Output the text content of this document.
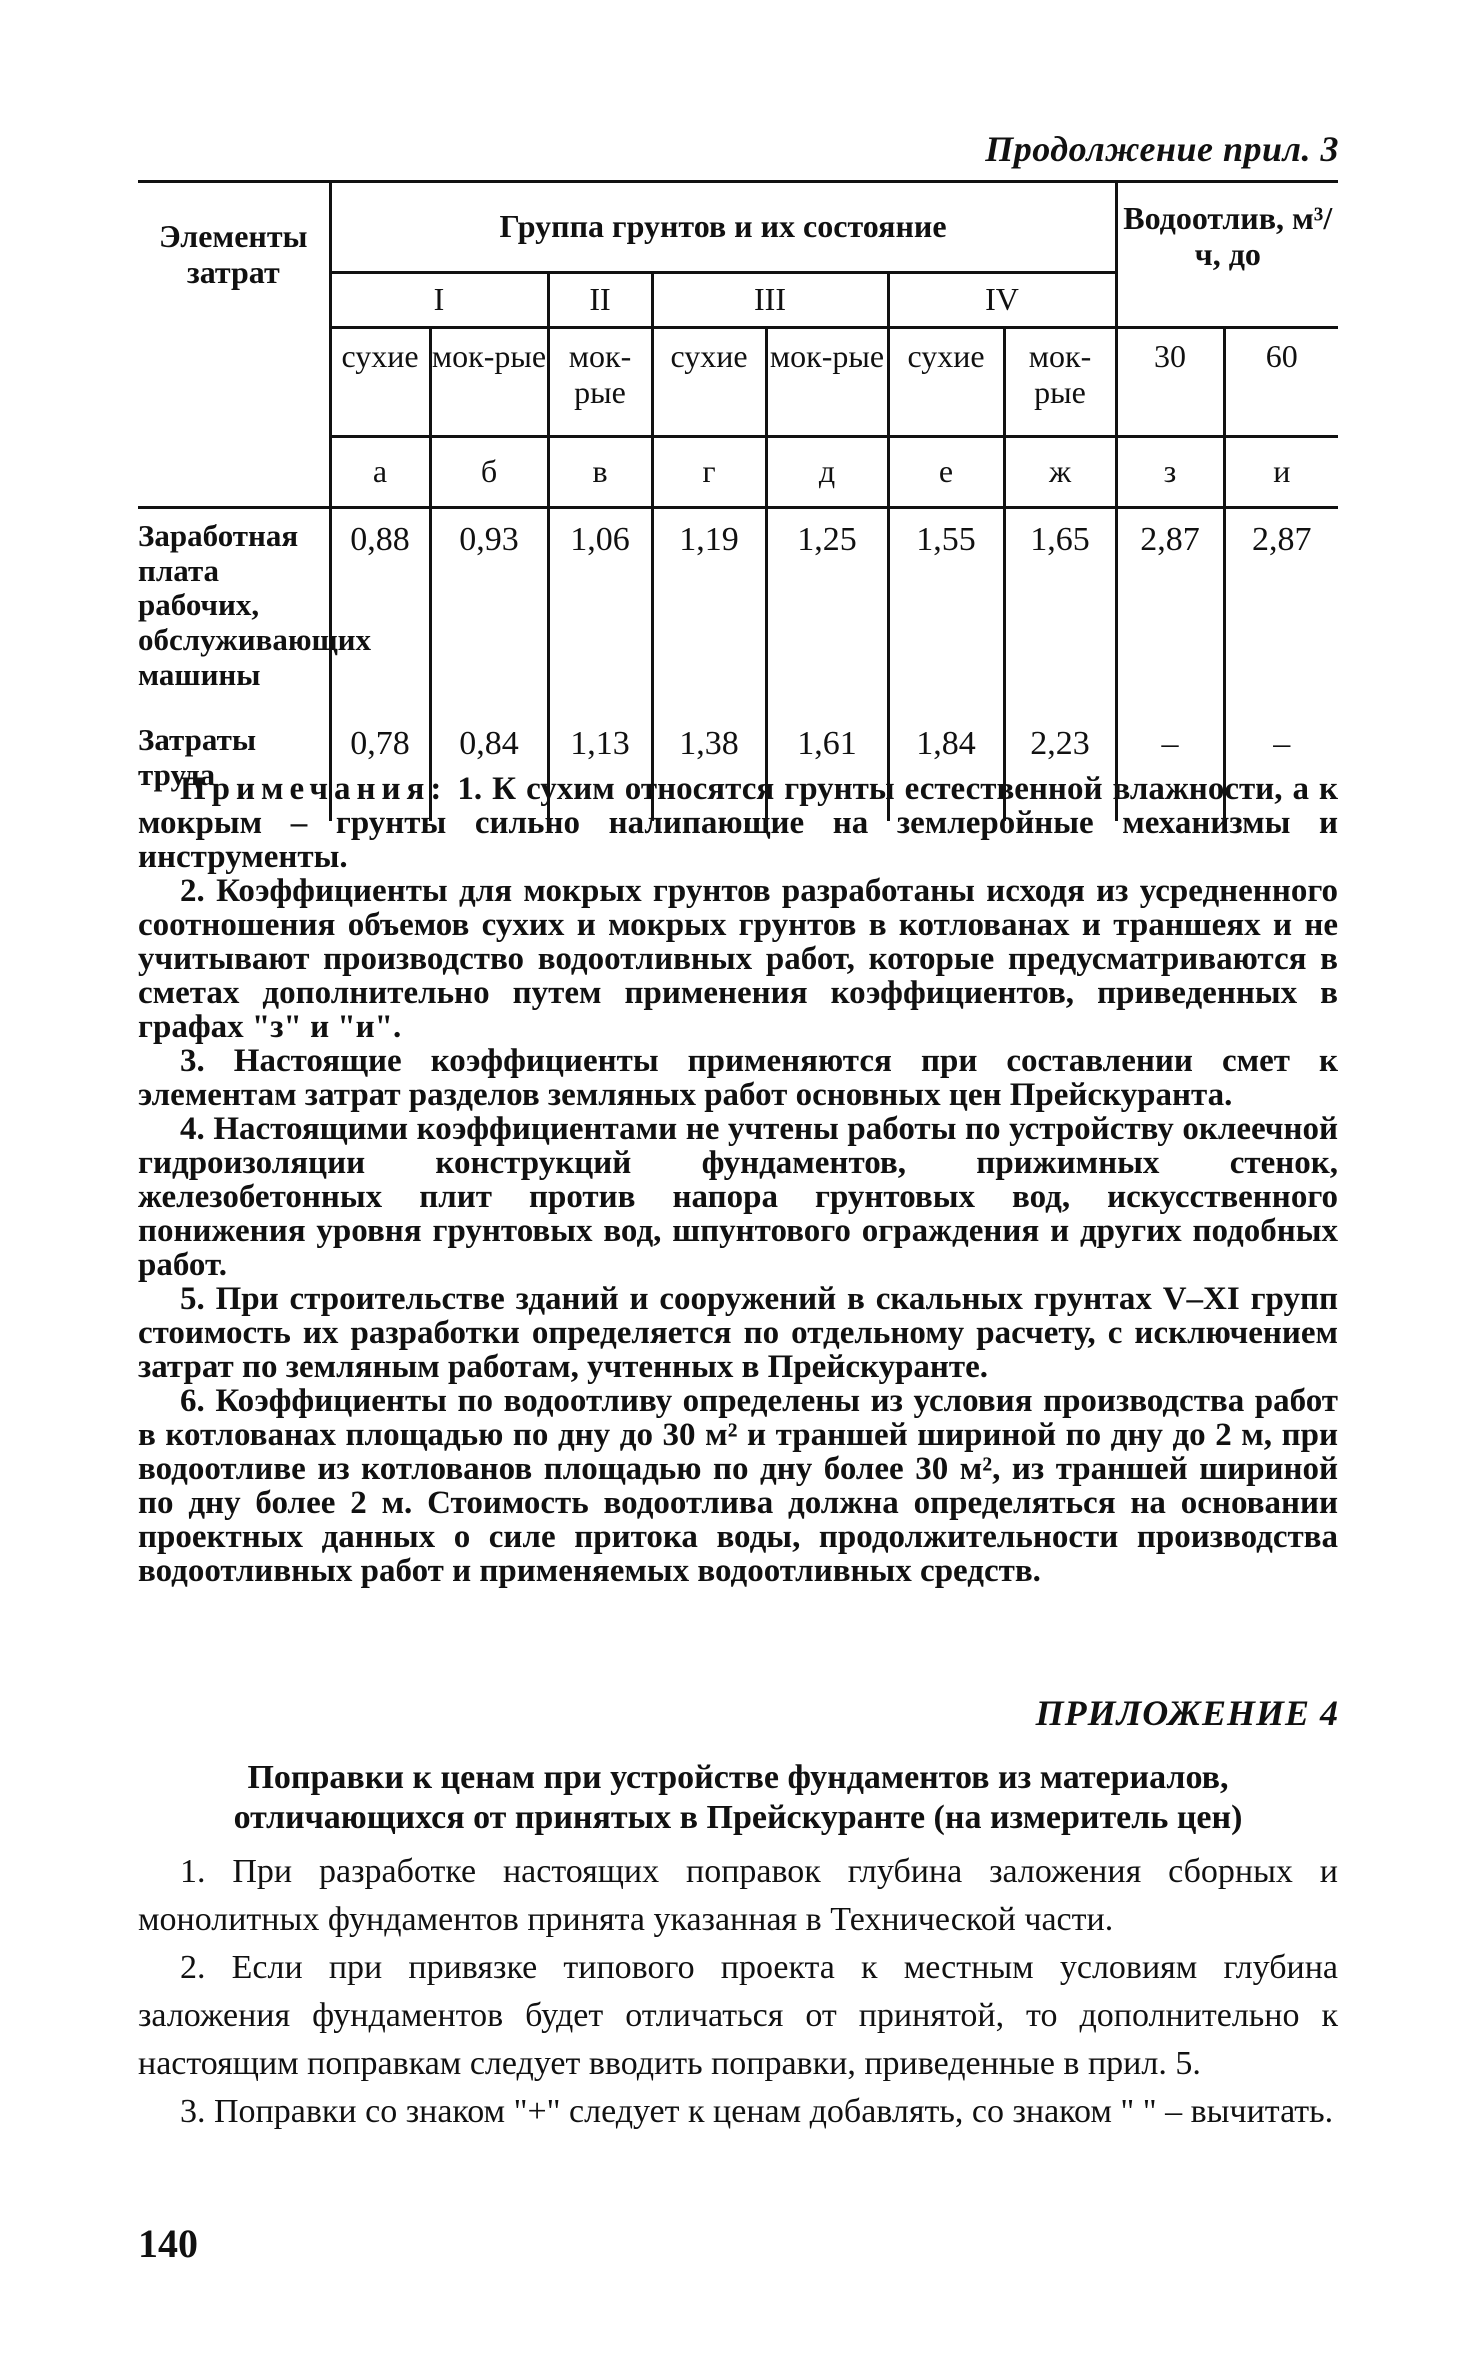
Продолжение прил. 3
Элементы затрат	Группа грунтов и их состояние							Водоотлив, м³/ч, до	
	I		II	III		IV			
	сухие	мок-рые	мок-рые	сухие	мок-рые	сухие	мок-рые	30	60
	а	б	в	г	д	е	ж	з	и
Заработная плата рабочих, обслуживающих машины	0,88	0,93	1,06	1,19	1,25	1,55	1,65	2,87	2,87
Затраты труда	0,78	0,84	1,13	1,38	1,61	1,84	2,23	–	–

Примечания: 1. К сухим относятся грунты естественной влажности, а к мокрым – грунты сильно налипающие на землеройные механизмы и инструменты.

2. Коэффициенты для мокрых грунтов разработаны исходя из усредненного соотношения объемов сухих и мокрых грунтов в котлованах и траншеях и не учитывают производство водоотливных работ, которые предусматриваются в сметах дополнительно путем применения коэффициентов, приведенных в графах "з" и "и".

3. Настоящие коэффициенты применяются при составлении смет к элементам затрат разделов земляных работ основных цен Прейскуранта.

4. Настоящими коэффициентами не учтены работы по устройству оклеечной гидроизоляции конструкций фундаментов, прижимных стенок, железобетонных плит против напора грунтовых вод, искусственного понижения уровня грунтовых вод, шпунтового ограждения и других подобных работ.

5. При строительстве зданий и сооружений в скальных грунтах V–XI групп стоимость их разработки определяется по отдельному расчету, с исключением затрат по земляным работам, учтенных в Прейскуранте.

6. Коэффициенты по водоотливу определены из условия производства работ в котлованах площадью по дну до 30 м² и траншей шириной по дну до 2 м, при водоотливе из котлованов площадью по дну более 30 м², из траншей шириной по дну более 2 м. Стоимость водоотлива должна определяться на основании проектных данных о силе притока воды, продолжительности производства водоотливных работ и применяемых водоотливных средств.

ПРИЛОЖЕНИЕ 4
Поправки к ценам при устройстве фундаментов из материалов,
отличающихся от принятых в Прейскуранте (на измеритель цен)

1. При разработке настоящих поправок глубина заложения сборных и монолитных фундаментов принята указанная в Технической части.

2. Если при привязке типового проекта к местным условиям глубина заложения фундаментов будет отличаться от принятой, то дополнительно к настоящим поправкам следует вводить поправки, приведенные в прил. 5.

3. Поправки со знаком "+" следует к ценам добавлять, со знаком " " – вычитать.

140
